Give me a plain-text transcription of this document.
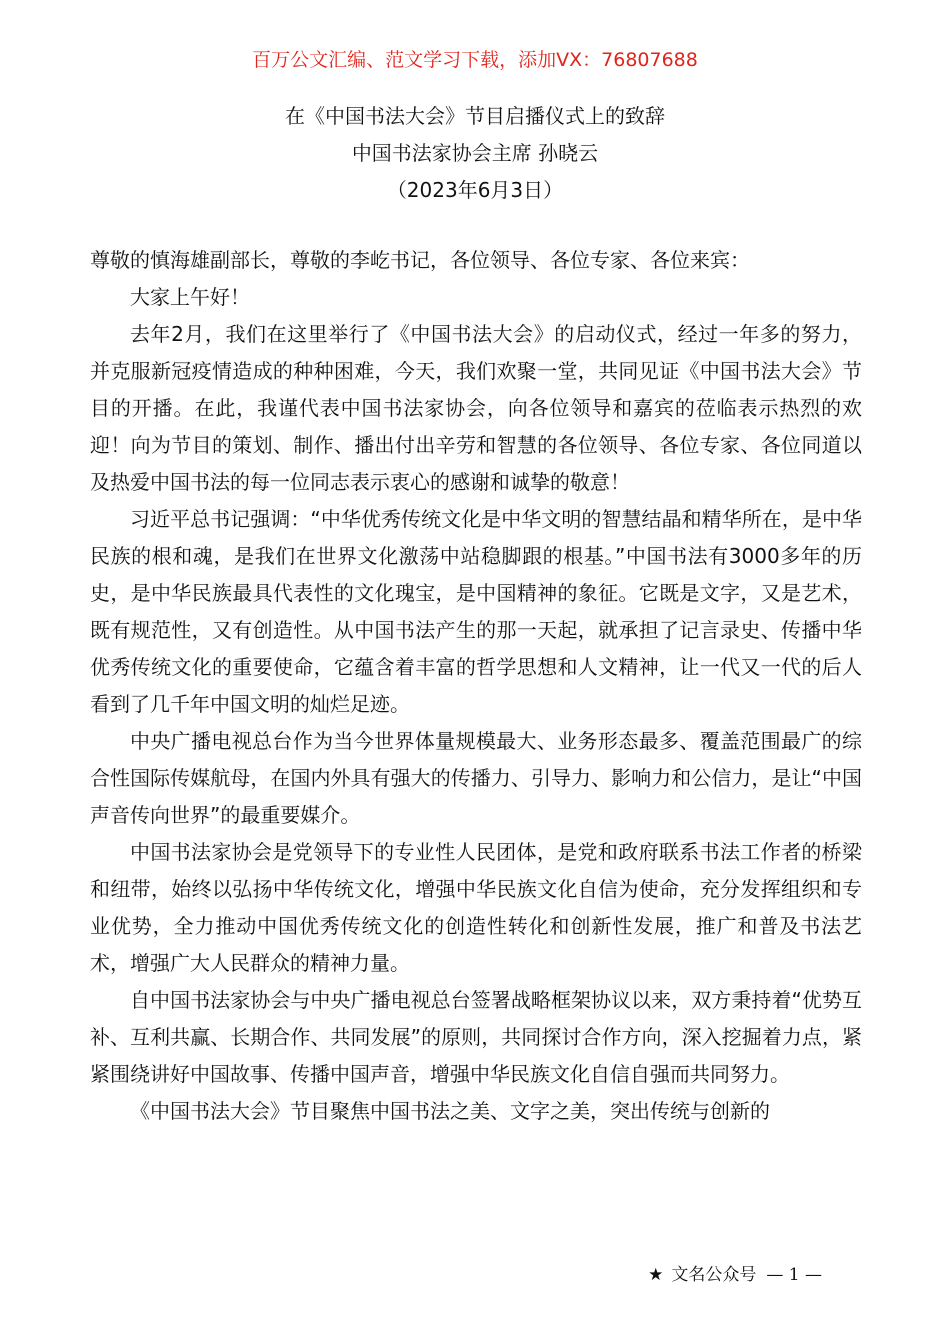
百万公文汇编、范文学习下载，添加VX：76807688
在《中国书法大会》节目启播仪式上的致辞
中国书法家协会主席 孙晓云
（2023年6月3日）

尊敬的慎海雄副部长，尊敬的李屹书记，各位领导、各位专家、各位来宾：

大家上午好！

去年2月，我们在这里举行了《中国书法大会》的启动仪式，经过一年多的努力，并克服新冠疫情造成的种种困难，今天，我们欢聚一堂，共同见证《中国书法大会》节目的开播。在此，我谨代表中国书法家协会，向各位领导和嘉宾的莅临表示热烈的欢迎！向为节目的策划、制作、播出付出辛劳和智慧的各位领导、各位专家、各位同道以及热爱中国书法的每一位同志表示衷心的感谢和诚挚的敬意！

习近平总书记强调：“中华优秀传统文化是中华文明的智慧结晶和精华所在，是中华民族的根和魂，是我们在世界文化激荡中站稳脚跟的根基。”中国书法有3000多年的历史，是中华民族最具代表性的文化瑰宝，是中国精神的象征。它既是文字，又是艺术，既有规范性，又有创造性。从中国书法产生的那一天起，就承担了记言录史、传播中华优秀传统文化的重要使命，它蕴含着丰富的哲学思想和人文精神，让一代又一代的后人看到了几千年中国文明的灿烂足迹。

中央广播电视总台作为当今世界体量规模最大、业务形态最多、覆盖范围最广的综合性国际传媒航母，在国内外具有强大的传播力、引导力、影响力和公信力，是让“中国声音传向世界”的最重要媒介。

中国书法家协会是党领导下的专业性人民团体，是党和政府联系书法工作者的桥梁和纽带，始终以弘扬中华传统文化，增强中华民族文化自信为使命，充分发挥组织和专业优势，全力推动中国优秀传统文化的创造性转化和创新性发展，推广和普及书法艺术，增强广大人民群众的精神力量。

自中国书法家协会与中央广播电视总台签署战略框架协议以来，双方秉持着“优势互补、互利共赢、长期合作、共同发展”的原则，共同探讨合作方向，深入挖掘着力点，紧紧围绕讲好中国故事、传播中国声音，增强中华民族文化自信自强而共同努力。

《中国书法大会》节目聚焦中国书法之美、文字之美，突出传统与创新的

★ 文名公众号 — 1 —
